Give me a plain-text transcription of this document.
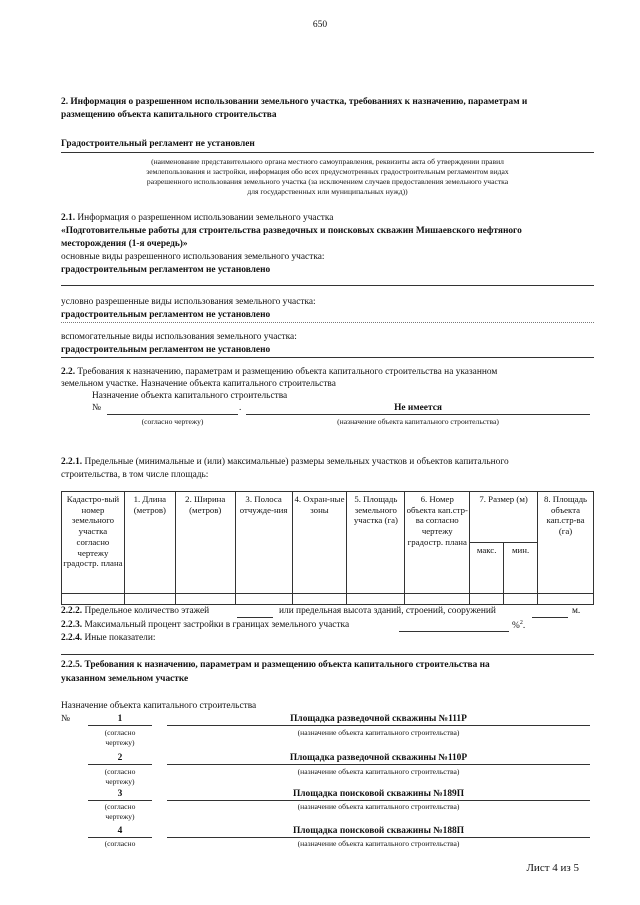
650
2. Информация о разрешенном использовании земельного участка, требованиях к назначению, параметрам и
размещению объекта капитального строительства
Градостроительный регламент не установлен
(наименование представительного органа местного самоуправления, реквизиты акта об утверждении правил
землепользования и застройки, информация обо всех предусмотренных градостроительным регламентом видах
разрешенного использования земельного участка (за исключением случаев предоставления земельного участка
для государственных или муниципальных нужд))
2.1. Информация о разрешенном использовании земельного участка
«Подготовительные работы для строительства разведочных и поисковых скважин Мишаевского нефтяного
месторождения (1-я очередь)»
основные виды разрешенного использования земельного участка:
градостроительным регламентом не установлено
условно разрешенные виды использования земельного участка:
градостроительным регламентом не установлено
вспомогательные виды использования земельного участка:
градостроительным регламентом не установлено
2.2. Требования к назначению, параметрам и размещению объекта капитального строительства на указанном
земельном участке. Назначение объекта капитального строительства
Назначение объекта капитального строительства
№	.	Не имеется
(согласно чертежу)	(назначение объекта капитального строительства)
2.2.1. Предельные (минимальные и (или) максимальные) размеры земельных участков и объектов капитального
строительства, в том числе площадь:
Кадастро-вый номер земельного участка согласно чертежу градостр. плана	1. Длина (метров)	2. Ширина (метров)	3. Полоса отчужде-ния	4. Охран-ные зоны	5. Площадь земельного участка (га)	6. Номер объекта кап.стр-ва согласно чертежу градостр. плана	7. Размер (м)		8. Площадь объекта кап.стр-ва (га)
							макс.	мин.	

2.2.2. Предельное количество этажей	или предельная высота зданий, строений, сооружений	м.
2.2.3. Максимальный процент застройки в границах земельного участка	%$^2$.
2.2.4. Иные показатели:
2.2.5. Требования к назначению, параметрам и размещению объекта капитального строительства на
указанном земельном участке
Назначение объекта капитального строительства
№	1	Площадка разведочной скважины №111Р
(согласно
чертежу)
(назначение объекта капитального строительства)
2	Площадка разведочной скважины №110Р
(согласно
чертежу)
(назначение объекта капитального строительства)
3	Площадка поисковой скважины №189П
(согласно
чертежу)
(назначение объекта капитального строительства)
4	Площадка поисковой скважины №188П
(согласно	(назначение объекта капитального строительства)
Лист 4 из 5
